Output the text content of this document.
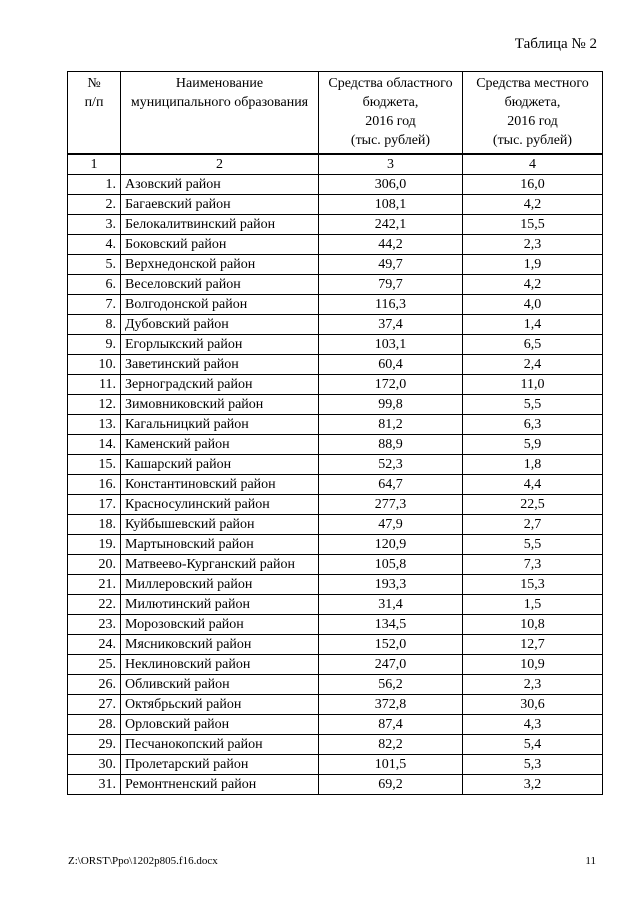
Таблица № 2
№
п/п	Наименование
муниципального образования	Средства областного
бюджета,
2016 год
(тыс. рублей)	Средства местного
бюджета,
2016 год
(тыс. рублей)
1	2	3	4
1.	Азовский район	306,0	16,0
2.	Багаевский район	108,1	4,2
3.	Белокалитвинский район	242,1	15,5
4.	Боковский район	44,2	2,3
5.	Верхнедонской район	49,7	1,9
6.	Веселовский район	79,7	4,2
7.	Волгодонской район	116,3	4,0
8.	Дубовский район	37,4	1,4
9.	Егорлыкский район	103,1	6,5
10.	Заветинский район	60,4	2,4
11.	Зерноградский район	172,0	11,0
12.	Зимовниковский район	99,8	5,5
13.	Кагальницкий район	81,2	6,3
14.	Каменский район	88,9	5,9
15.	Кашарский район	52,3	1,8
16.	Константиновский район	64,7	4,4
17.	Красносулинский район	277,3	22,5
18.	Куйбышевский район	47,9	2,7
19.	Мартыновский район	120,9	5,5
20.	Матвеево-Курганский район	105,8	7,3
21.	Миллеровский район	193,3	15,3
22.	Милютинский район	31,4	1,5
23.	Морозовский район	134,5	10,8
24.	Мясниковский район	152,0	12,7
25.	Неклиновский район	247,0	10,9
26.	Обливский район	56,2	2,3
27.	Октябрьский район	372,8	30,6
28.	Орловский район	87,4	4,3
29.	Песчанокопский район	82,2	5,4
30.	Пролетарский район	101,5	5,3
31.	Ремонтненский район	69,2	3,2
Z:\ORST\Ppo\1202p805.f16.docx	11
